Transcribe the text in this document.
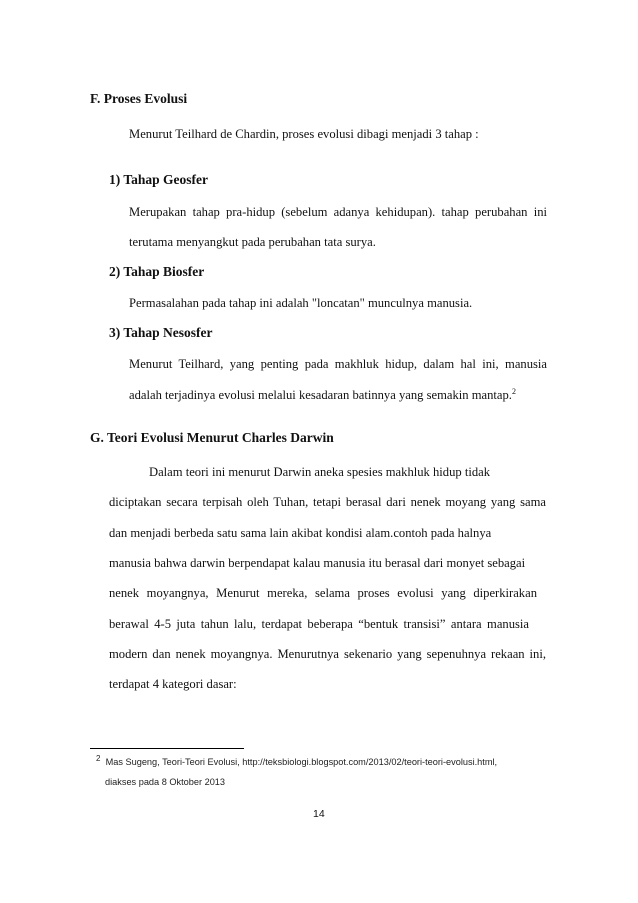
F. Proses Evolusi
Menurut Teilhard de Chardin, proses evolusi dibagi menjadi 3 tahap :
1) Tahap Geosfer
Merupakan tahap pra-hidup (sebelum adanya kehidupan). tahap perubahan ini
terutama menyangkut pada perubahan tata surya.
2) Tahap Biosfer
Permasalahan pada tahap ini adalah "loncatan" munculnya manusia.
3) Tahap Nesosfer
Menurut Teilhard, yang penting pada makhluk hidup, dalam hal ini, manusia
adalah terjadinya evolusi melalui kesadaran batinnya yang semakin mantap.$^2$
G. Teori Evolusi Menurut Charles Darwin
Dalam teori ini menurut Darwin aneka spesies makhluk hidup tidak
diciptakan secara terpisah oleh Tuhan, tetapi berasal dari nenek moyang yang sama
dan menjadi berbeda satu sama lain akibat kondisi alam.contoh pada halnya
manusia bahwa darwin berpendapat kalau manusia itu berasal dari monyet sebagai
nenek moyangnya, Menurut mereka, selama proses evolusi yang diperkirakan
berawal 4-5 juta tahun lalu, terdapat beberapa “bentuk transisi” antara manusia
modern dan nenek moyangnya. Menurutnya sekenario yang sepenuhnya rekaan ini,
terdapat 4 kategori dasar:
$^2$ Mas Sugeng, Teori-Teori Evolusi, http://teksbiologi.blogspot.com/2013/02/teori-teori-evolusi.html,
diakses pada 8 Oktober 2013
14
